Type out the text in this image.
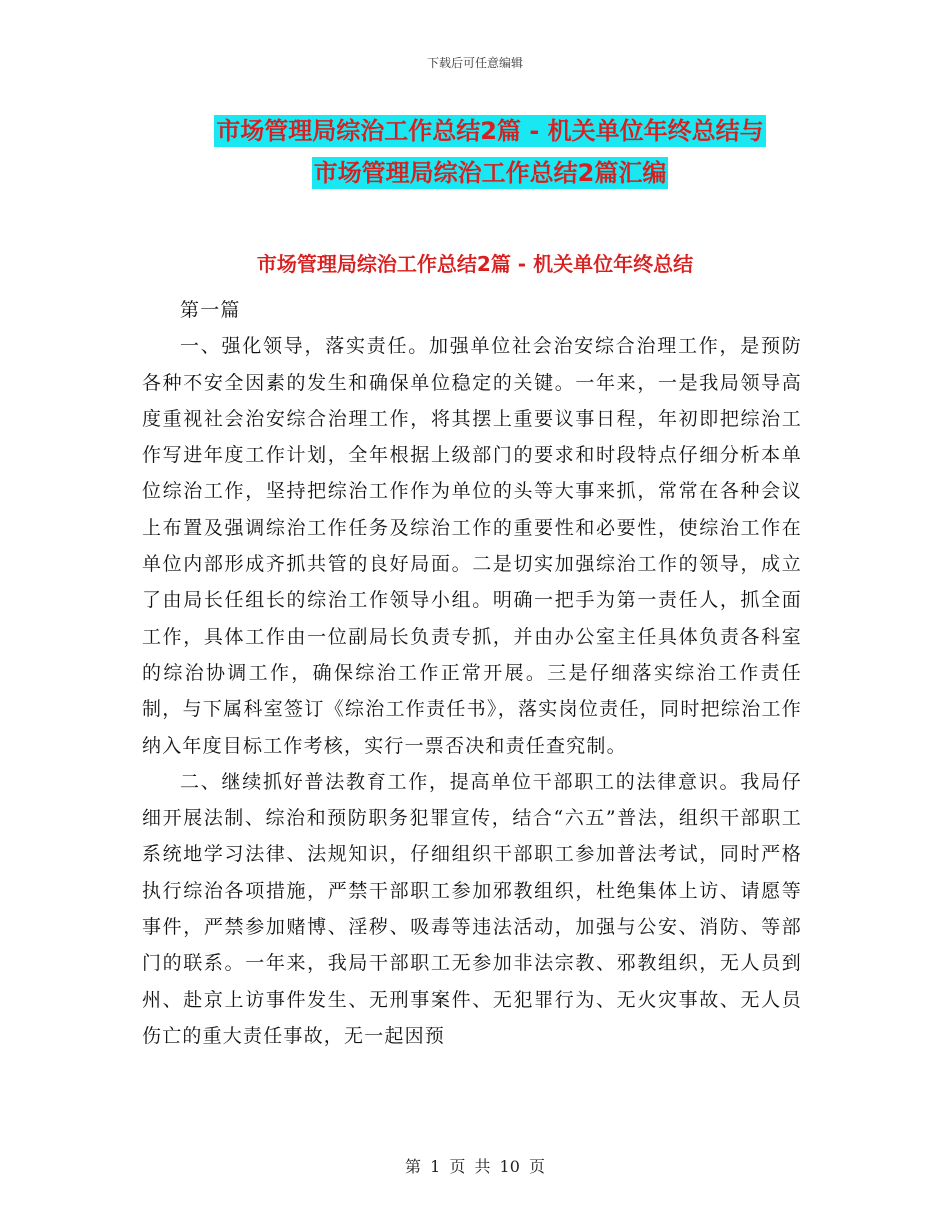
下载后可任意编辑
市场管理局综治工作总结2篇 - 机关单位年终总结与
市场管理局综治工作总结2篇汇编
市场管理局综治工作总结2篇 - 机关单位年终总结

第一篇

一、强化领导，落实责任。加强单位社会治安综合治理工作，是预防各种不安全因素的发生和确保单位稳定的关键。一年来，一是我局领导高度重视社会治安综合治理工作，将其摆上重要议事日程，年初即把综治工作写进年度工作计划，全年根据上级部门的要求和时段特点仔细分析本单位综治工作，坚持把综治工作作为单位的头等大事来抓，常常在各种会议上布置及强调综治工作任务及综治工作的重要性和必要性，使综治工作在单位内部形成齐抓共管的良好局面。二是切实加强综治工作的领导，成立了由局长任组长的综治工作领导小组。明确一把手为第一责任人，抓全面工作，具体工作由一位副局长负责专抓，并由办公室主任具体负责各科室的综治协调工作，确保综治工作正常开展。三是仔细落实综治工作责任制，与下属科室签订《综治工作责任书》，落实岗位责任，同时把综治工作纳入年度目标工作考核，实行一票否决和责任查究制。

二、继续抓好普法教育工作，提高单位干部职工的法律意识。我局仔细开展法制、综治和预防职务犯罪宣传，结合“六五”普法，组织干部职工系统地学习法律、法规知识，仔细组织干部职工参加普法考试，同时严格执行综治各项措施，严禁干部职工参加邪教组织，杜绝集体上访、请愿等事件，严禁参加赌博、淫秽、吸毒等违法活动，加强与公安、消防、等部门的联系。一年来，我局干部职工无参加非法宗教、邪教组织，无人员到州、赴京上访事件发生、无刑事案件、无犯罪行为、无火灾事故、无人员伤亡的重大责任事故，无一起因预

第 1 页 共 10 页
